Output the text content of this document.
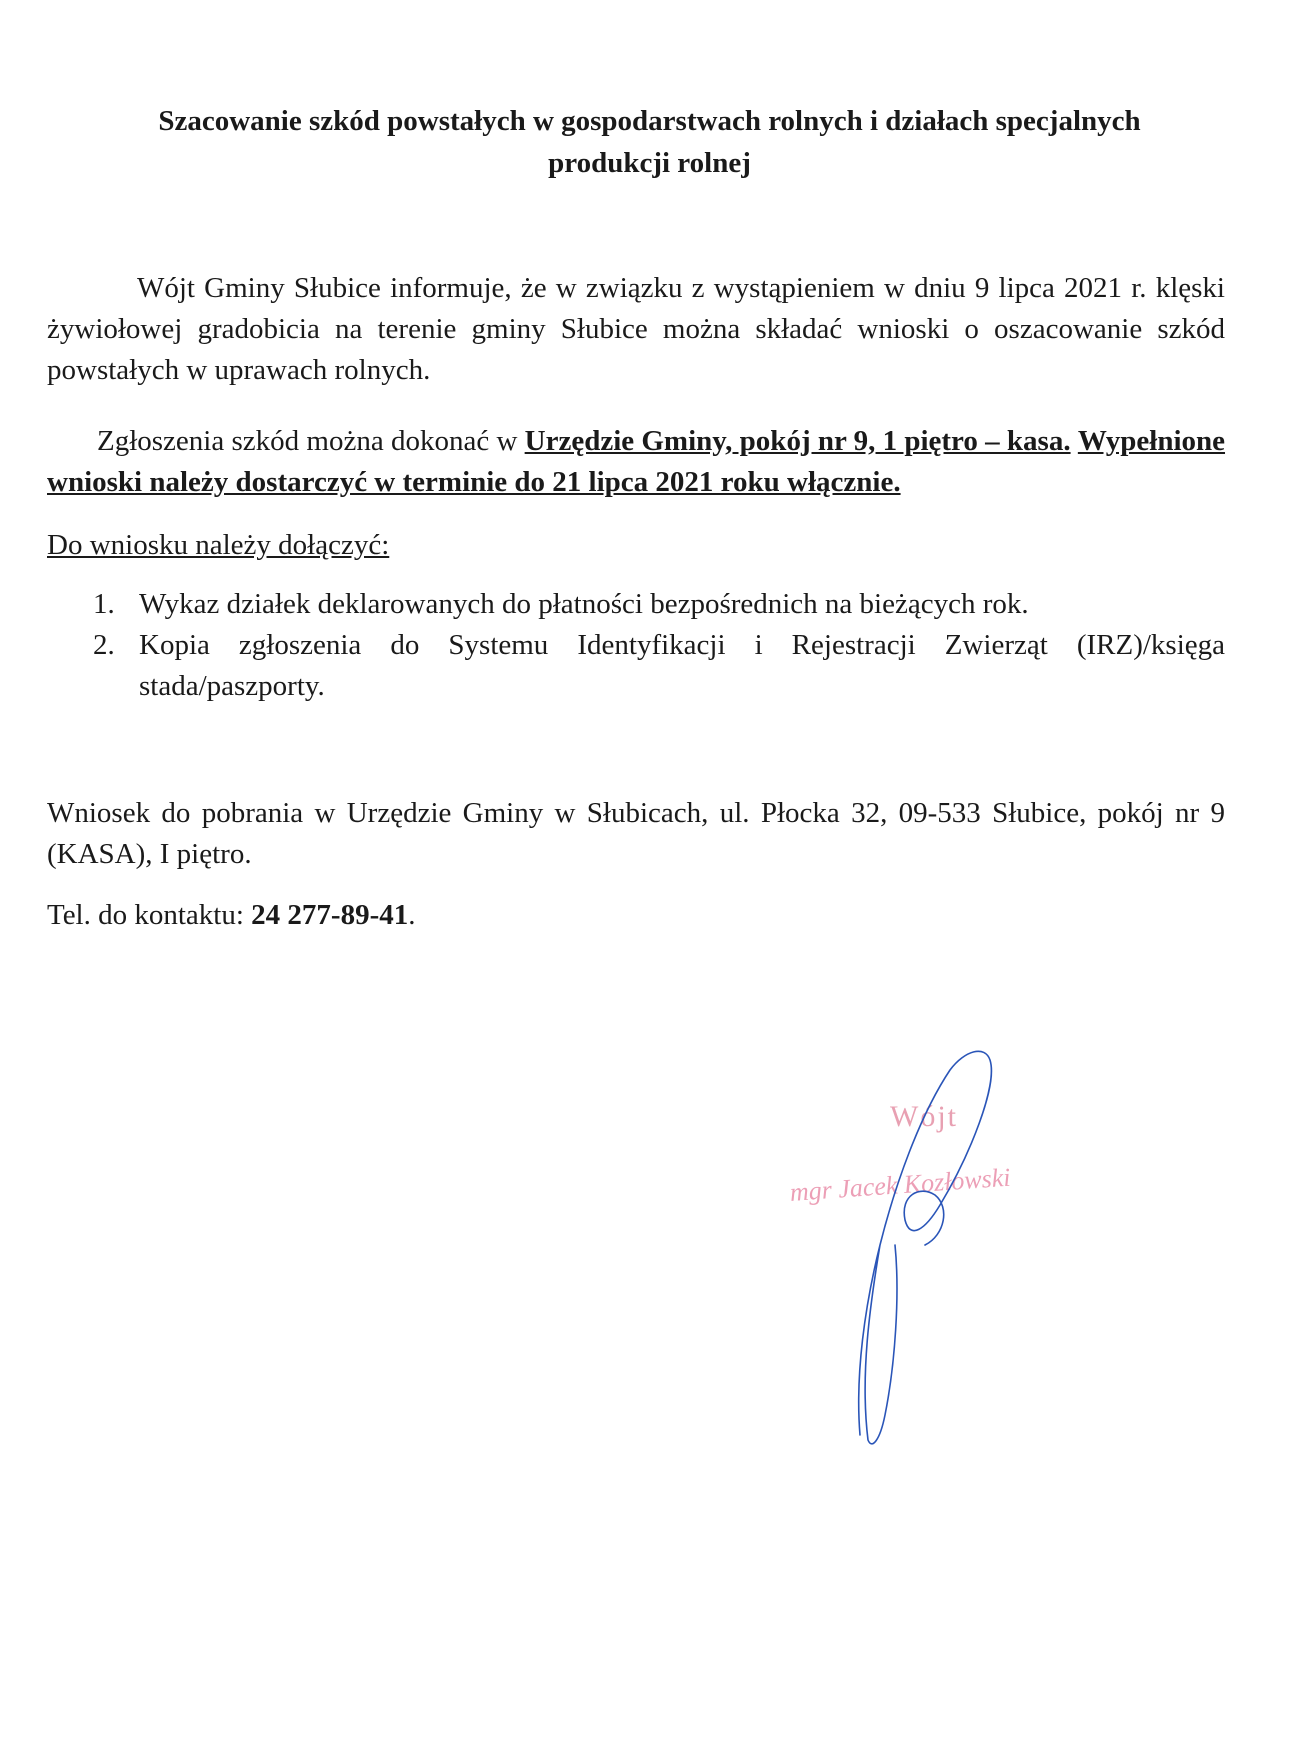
Szacowanie szkód powstałych w gospodarstwach rolnych i działach specjalnych
produkcji rolnej

Wójt Gminy Słubice informuje, że w związku z wystąpieniem w dniu 9 lipca 2021 r. klęski żywiołowej gradobicia na terenie gminy Słubice można składać wnioski o oszacowanie szkód powstałych w uprawach rolnych.

Zgłoszenia szkód można dokonać w Urzędzie Gminy, pokój nr 9, 1 piętro – kasa. Wypełnione wnioski należy dostarczyć w terminie do 21 lipca 2021 roku włącznie.

Do wniosku należy dołączyć:

1. Wykaz działek deklarowanych do płatności bezpośrednich na bieżących rok.
2. Kopia zgłoszenia do Systemu Identyfikacji i Rejestracji Zwierząt (IRZ)/księga stada/paszporty.

Wniosek do pobrania w Urzędzie Gminy w Słubicach, ul. Płocka 32, 09-533 Słubice, pokój nr 9 (KASA), I piętro.

Tel. do kontaktu: 24 277-89-41.

Wójt
mgr Jacek Kozłowski
